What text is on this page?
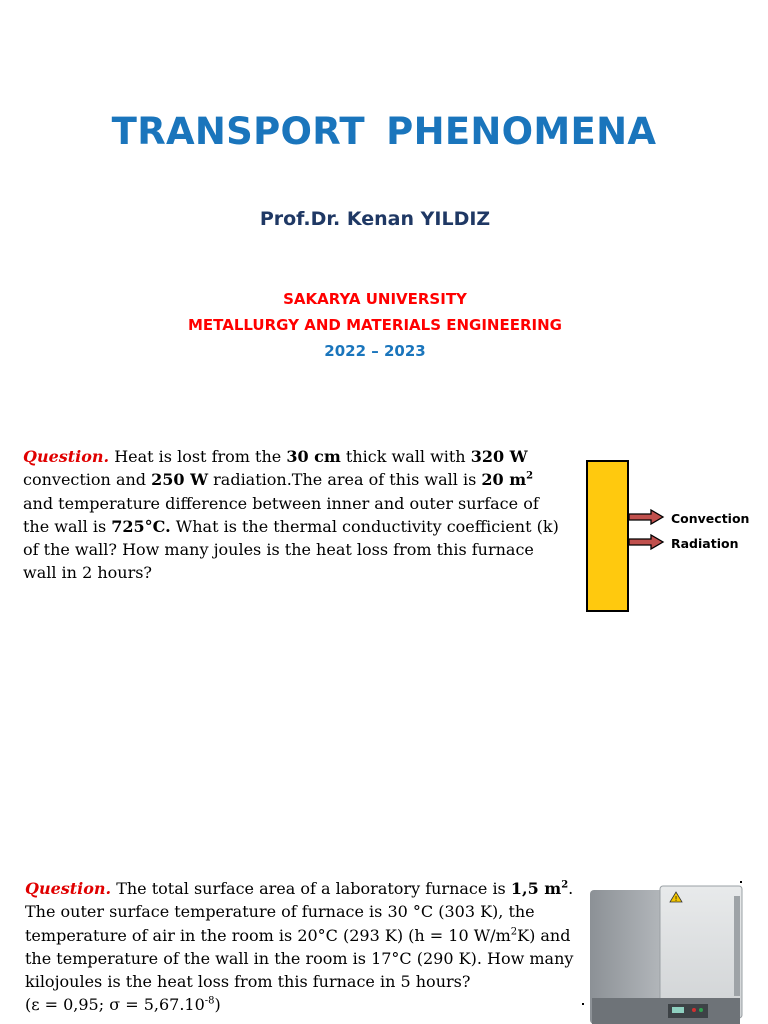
TRANSPORT PHENOMENA
Prof.Dr. Kenan YILDIZ
SAKARYA UNIVERSITY
METALLURGY AND MATERIALS ENGINEERING
2022 – 2023
Question. Heat is lost from the 30 cm thick wall with 320 W convection and 250 W radiation.The area of this wall is 20 $m^2$ and temperature difference between inner and outer surface of the wall is 725°C. What is the thermal conductivity coefficient (k) of the wall? How many joules is the heat loss from this furnace wall in 2 hours?
Convection
Radiation
Question. The total surface area of a laboratory furnace is 1,5 $m^2$. The outer surface temperature of furnace is 30 °C (303 K), the temperature of air in the room is 20°C (293 K) (h = 10 $W/m^2K$) and the temperature of the wall in the room is 17°C (290 K). How many kilojoules is the heat loss from this furnace in 5 hours?
(ε = 0,95; $\sigma = 5,67.10^{-8}$)
!
